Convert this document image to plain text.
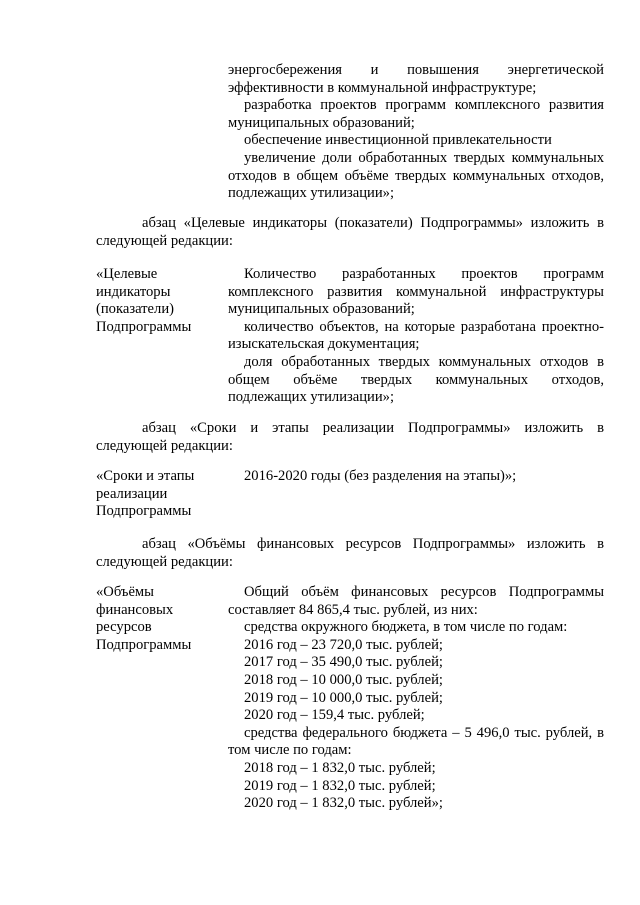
энергосбережения и повышения энергетической эффективности в коммунальной инфраструктуре;

разработка проектов программ комплексного развития муниципальных образований;

обеспечение инвестиционной привлекательности

увеличение доли обработанных твердых коммунальных отходов в общем объёме твердых коммунальных отходов, подлежащих утилизации»;

абзац «Целевые индикаторы (показатели) Подпрограммы» изложить в следующей редакции:

«Целевые
индикаторы
(показатели)
Подпрограммы

Количество разработанных проектов программ комплексного развития коммунальной инфраструктуры муниципальных образований;

количество объектов, на которые разработана проектно-изыскательская документация;

доля обработанных твердых коммунальных отходов в общем объёме твердых коммунальных отходов, подлежащих утилизации»;

абзац «Сроки и этапы реализации Подпрограммы» изложить в следующей редакции:

«Сроки и этапы
реализации
Подпрограммы

2016-2020 годы (без разделения на этапы)»;

абзац «Объёмы финансовых ресурсов Подпрограммы» изложить в следующей редакции:

«Объёмы
финансовых
ресурсов
Подпрограммы

Общий объём финансовых ресурсов Подпрограммы составляет 84 865,4 тыс. рублей, из них:

средства окружного бюджета, в том числе по годам:

2016 год – 23 720,0 тыс. рублей;

2017 год – 35 490,0 тыс. рублей;

2018 год – 10 000,0 тыс. рублей;

2019 год – 10 000,0 тыс. рублей;

2020 год – 159,4 тыс. рублей;

средства федерального бюджета – 5 496,0 тыс. рублей, в том числе по годам:

2018 год – 1 832,0 тыс. рублей;

2019 год – 1 832,0 тыс. рублей;

2020 год – 1 832,0 тыс. рублей»;
